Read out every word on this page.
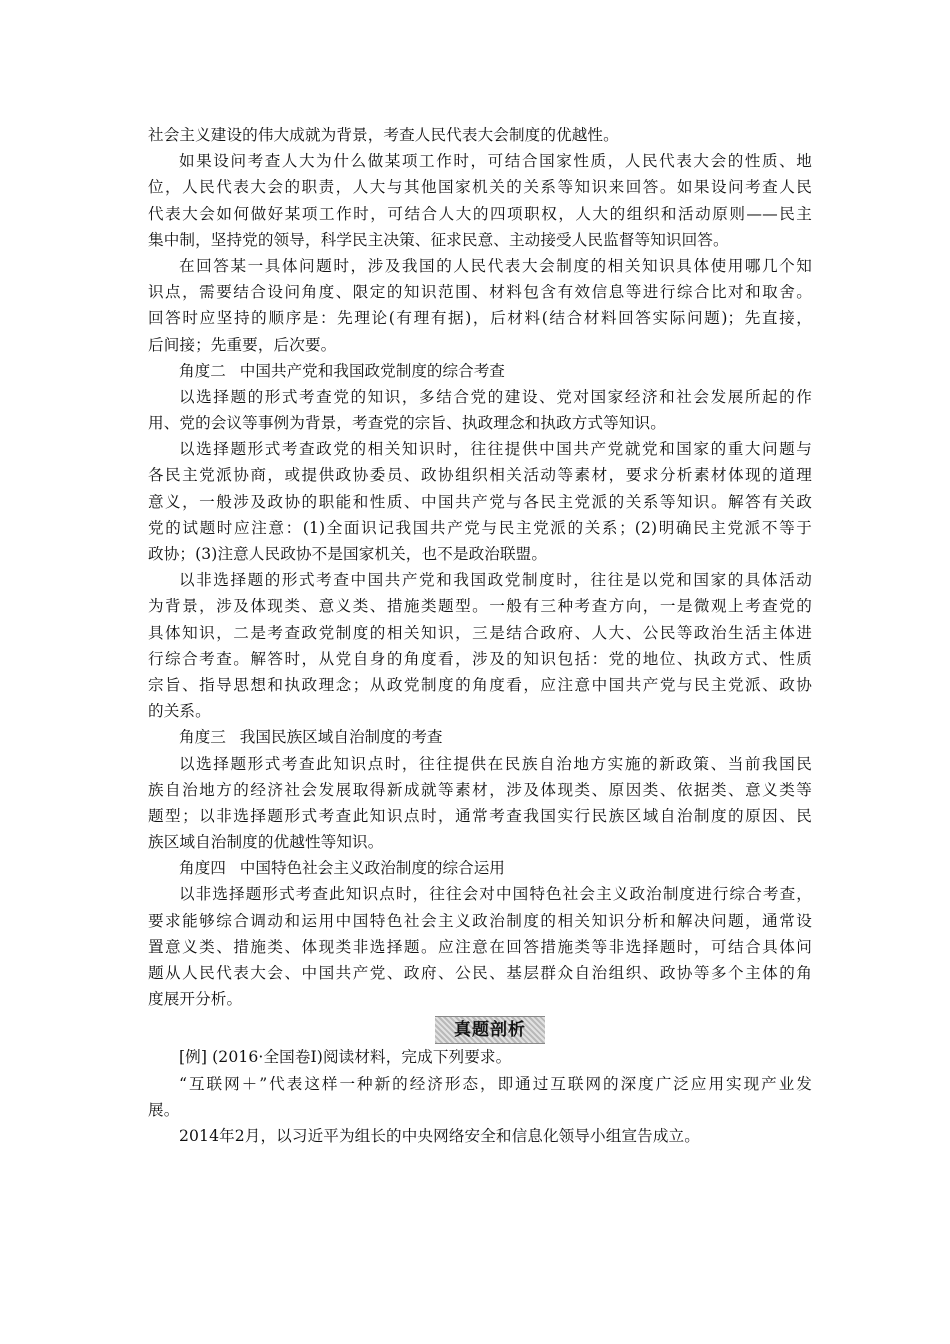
社会主义建设的伟大成就为背景，考查人民代表大会制度的优越性。
如果设问考查人大为什么做某项工作时，可结合国家性质，人民代表大会的性质、地
位，人民代表大会的职责，人大与其他国家机关的关系等知识来回答。如果设问考查人民
代表大会如何做好某项工作时，可结合人大的四项职权，人大的组织和活动原则——民主
集中制，坚持党的领导，科学民主决策、征求民意、主动接受人民监督等知识回答。
在回答某一具体问题时，涉及我国的人民代表大会制度的相关知识具体使用哪几个知
识点，需要结合设问角度、限定的知识范围、材料包含有效信息等进行综合比对和取舍。
回答时应坚持的顺序是：先理论(有理有据)，后材料(结合材料回答实际问题)；先直接，
后间接；先重要，后次要。
角度二 中国共产党和我国政党制度的综合考查
以选择题的形式考查党的知识，多结合党的建设、党对国家经济和社会发展所起的作
用、党的会议等事例为背景，考查党的宗旨、执政理念和执政方式等知识。
以选择题形式考查政党的相关知识时，往往提供中国共产党就党和国家的重大问题与
各民主党派协商，或提供政协委员、政协组织相关活动等素材，要求分析素材体现的道理
意义，一般涉及政协的职能和性质、中国共产党与各民主党派的关系等知识。解答有关政
党的试题时应注意：(1)全面识记我国共产党与民主党派的关系；(2)明确民主党派不等于
政协；(3)注意人民政协不是国家机关，也不是政治联盟。
以非选择题的形式考查中国共产党和我国政党制度时，往往是以党和国家的具体活动
为背景，涉及体现类、意义类、措施类题型。一般有三种考查方向，一是微观上考查党的
具体知识，二是考查政党制度的相关知识，三是结合政府、人大、公民等政治生活主体进
行综合考查。解答时，从党自身的角度看，涉及的知识包括：党的地位、执政方式、性质
宗旨、指导思想和执政理念；从政党制度的角度看，应注意中国共产党与民主党派、政协
的关系。
角度三 我国民族区域自治制度的考查
以选择题形式考查此知识点时，往往提供在民族自治地方实施的新政策、当前我国民
族自治地方的经济社会发展取得新成就等素材，涉及体现类、原因类、依据类、意义类等
题型；以非选择题形式考查此知识点时，通常考查我国实行民族区域自治制度的原因、民
族区域自治制度的优越性等知识。
角度四 中国特色社会主义政治制度的综合运用
以非选择题形式考查此知识点时，往往会对中国特色社会主义政治制度进行综合考查，
要求能够综合调动和运用中国特色社会主义政治制度的相关知识分析和解决问题，通常设
置意义类、措施类、体现类非选择题。应注意在回答措施类等非选择题时，可结合具体问
题从人民代表大会、中国共产党、政府、公民、基层群众自治组织、政协等多个主体的角
度展开分析。
真题剖析
[例] (2016·全国卷Ⅰ)阅读材料，完成下列要求。
“互联网＋”代表这样一种新的经济形态，即通过互联网的深度广泛应用实现产业发
展。
2014年2月，以习近平为组长的中央网络安全和信息化领导小组宣告成立。
